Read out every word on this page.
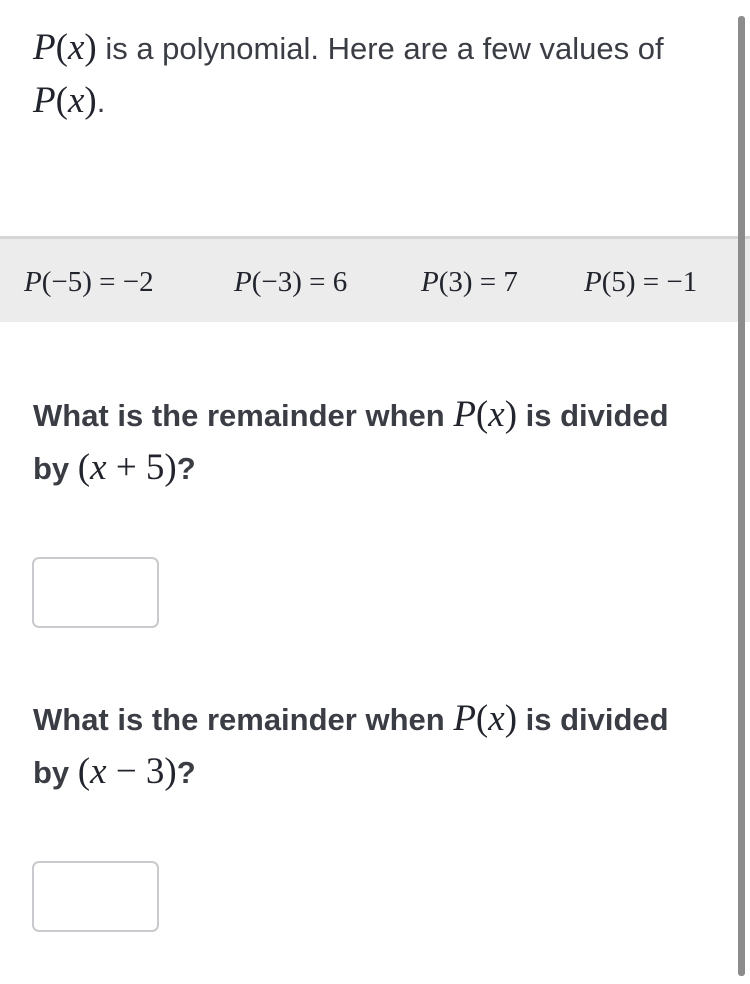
P(x) is a polynomial. Here are a few values of P(x).
P(−5) = −2	P(−3) = 6	P(3) = 7 P(5) = −1
What is the remainder when P(x) is divided by (x + 5)?
What is the remainder when P(x) is divided by (x − 3)?
